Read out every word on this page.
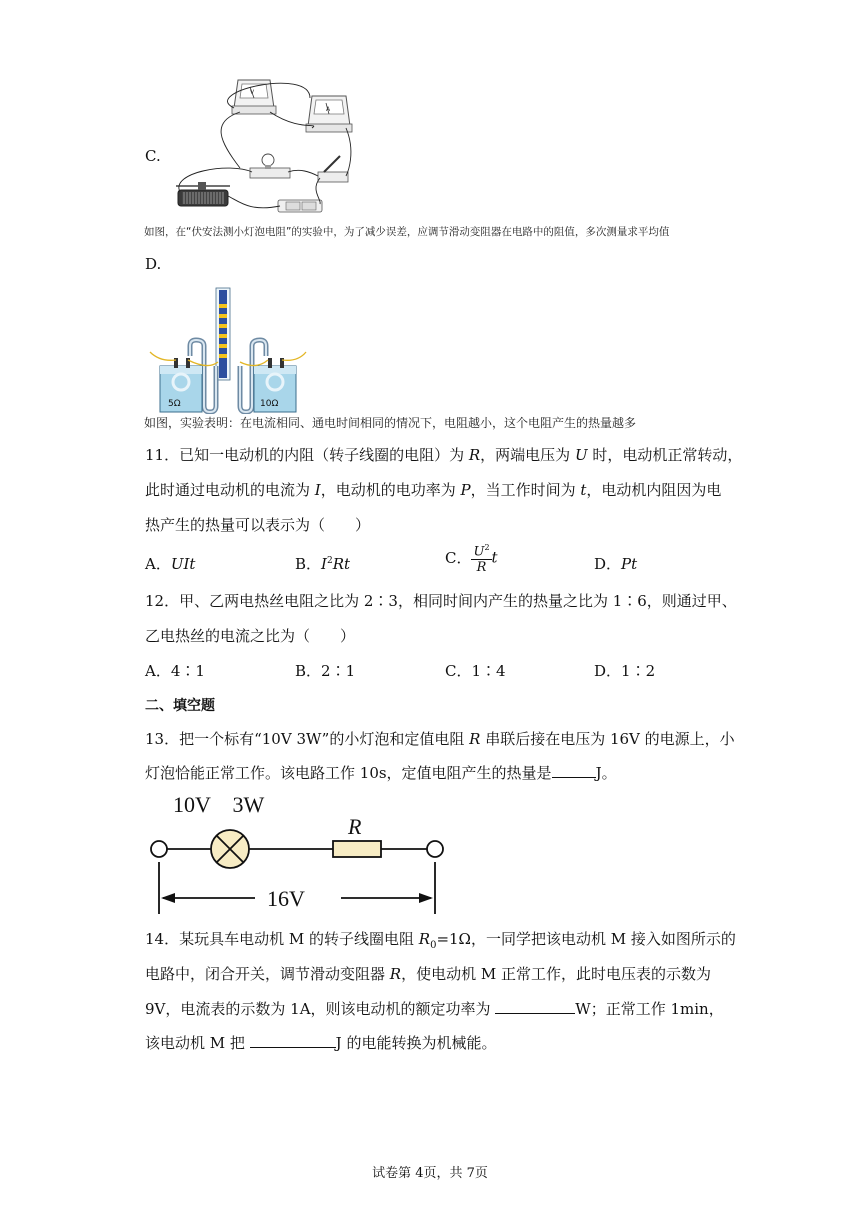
C.
V
A
如图，在“伏安法测小灯泡电阻”的实验中，为了减少误差，应调节滑动变阻器在电路中的阻值，多次测量求平均值
D.
5Ω	10Ω
如图，实验表明：在电流相同、通电时间相同的情况下，电阻越小，这个电阻产生的热量越多
11．已知一电动机的内阻（转子线圈的电阻）为 R，两端电压为 U 时，电动机正常转动，
此时通过电动机的电流为 I，电动机的电功率为 P，当工作时间为 t，电动机内阻因为电
热产生的热量可以表示为（　　）
A．UIt	B．$I^2Rt$	C． $\frac{U^2}{R}$ t	D．Pt
12．甲、乙两电热丝电阻之比为 2∶3，相同时间内产生的热量之比为 1∶6，则通过甲、
乙电热丝的电流之比为（　　）
A．4∶1	B．2∶1	C．1∶4	D．1∶2
二、填空题
13．把一个标有“10V 3W”的小灯泡和定值电阻 R 串联后接在电压为 16V 的电源上，小
灯泡恰能正常工作。该电路工作 10s，定值电阻产生的热量是	J。
10V　3W
R
16V
14．某玩具车电动机 M 的转子线圈电阻 $R_0=1\Omega$，一同学把该电动机 M 接入如图所示的
电路中，闭合开关，调节滑动变阻器 R，使电动机 M 正常工作，此时电压表的示数为
9V，电流表的示数为 1A，则该电动机的额定功率为	W；正常工作 1min，
该电动机 M 把	J 的电能转换为机械能。
试卷第 4页，共 7页
